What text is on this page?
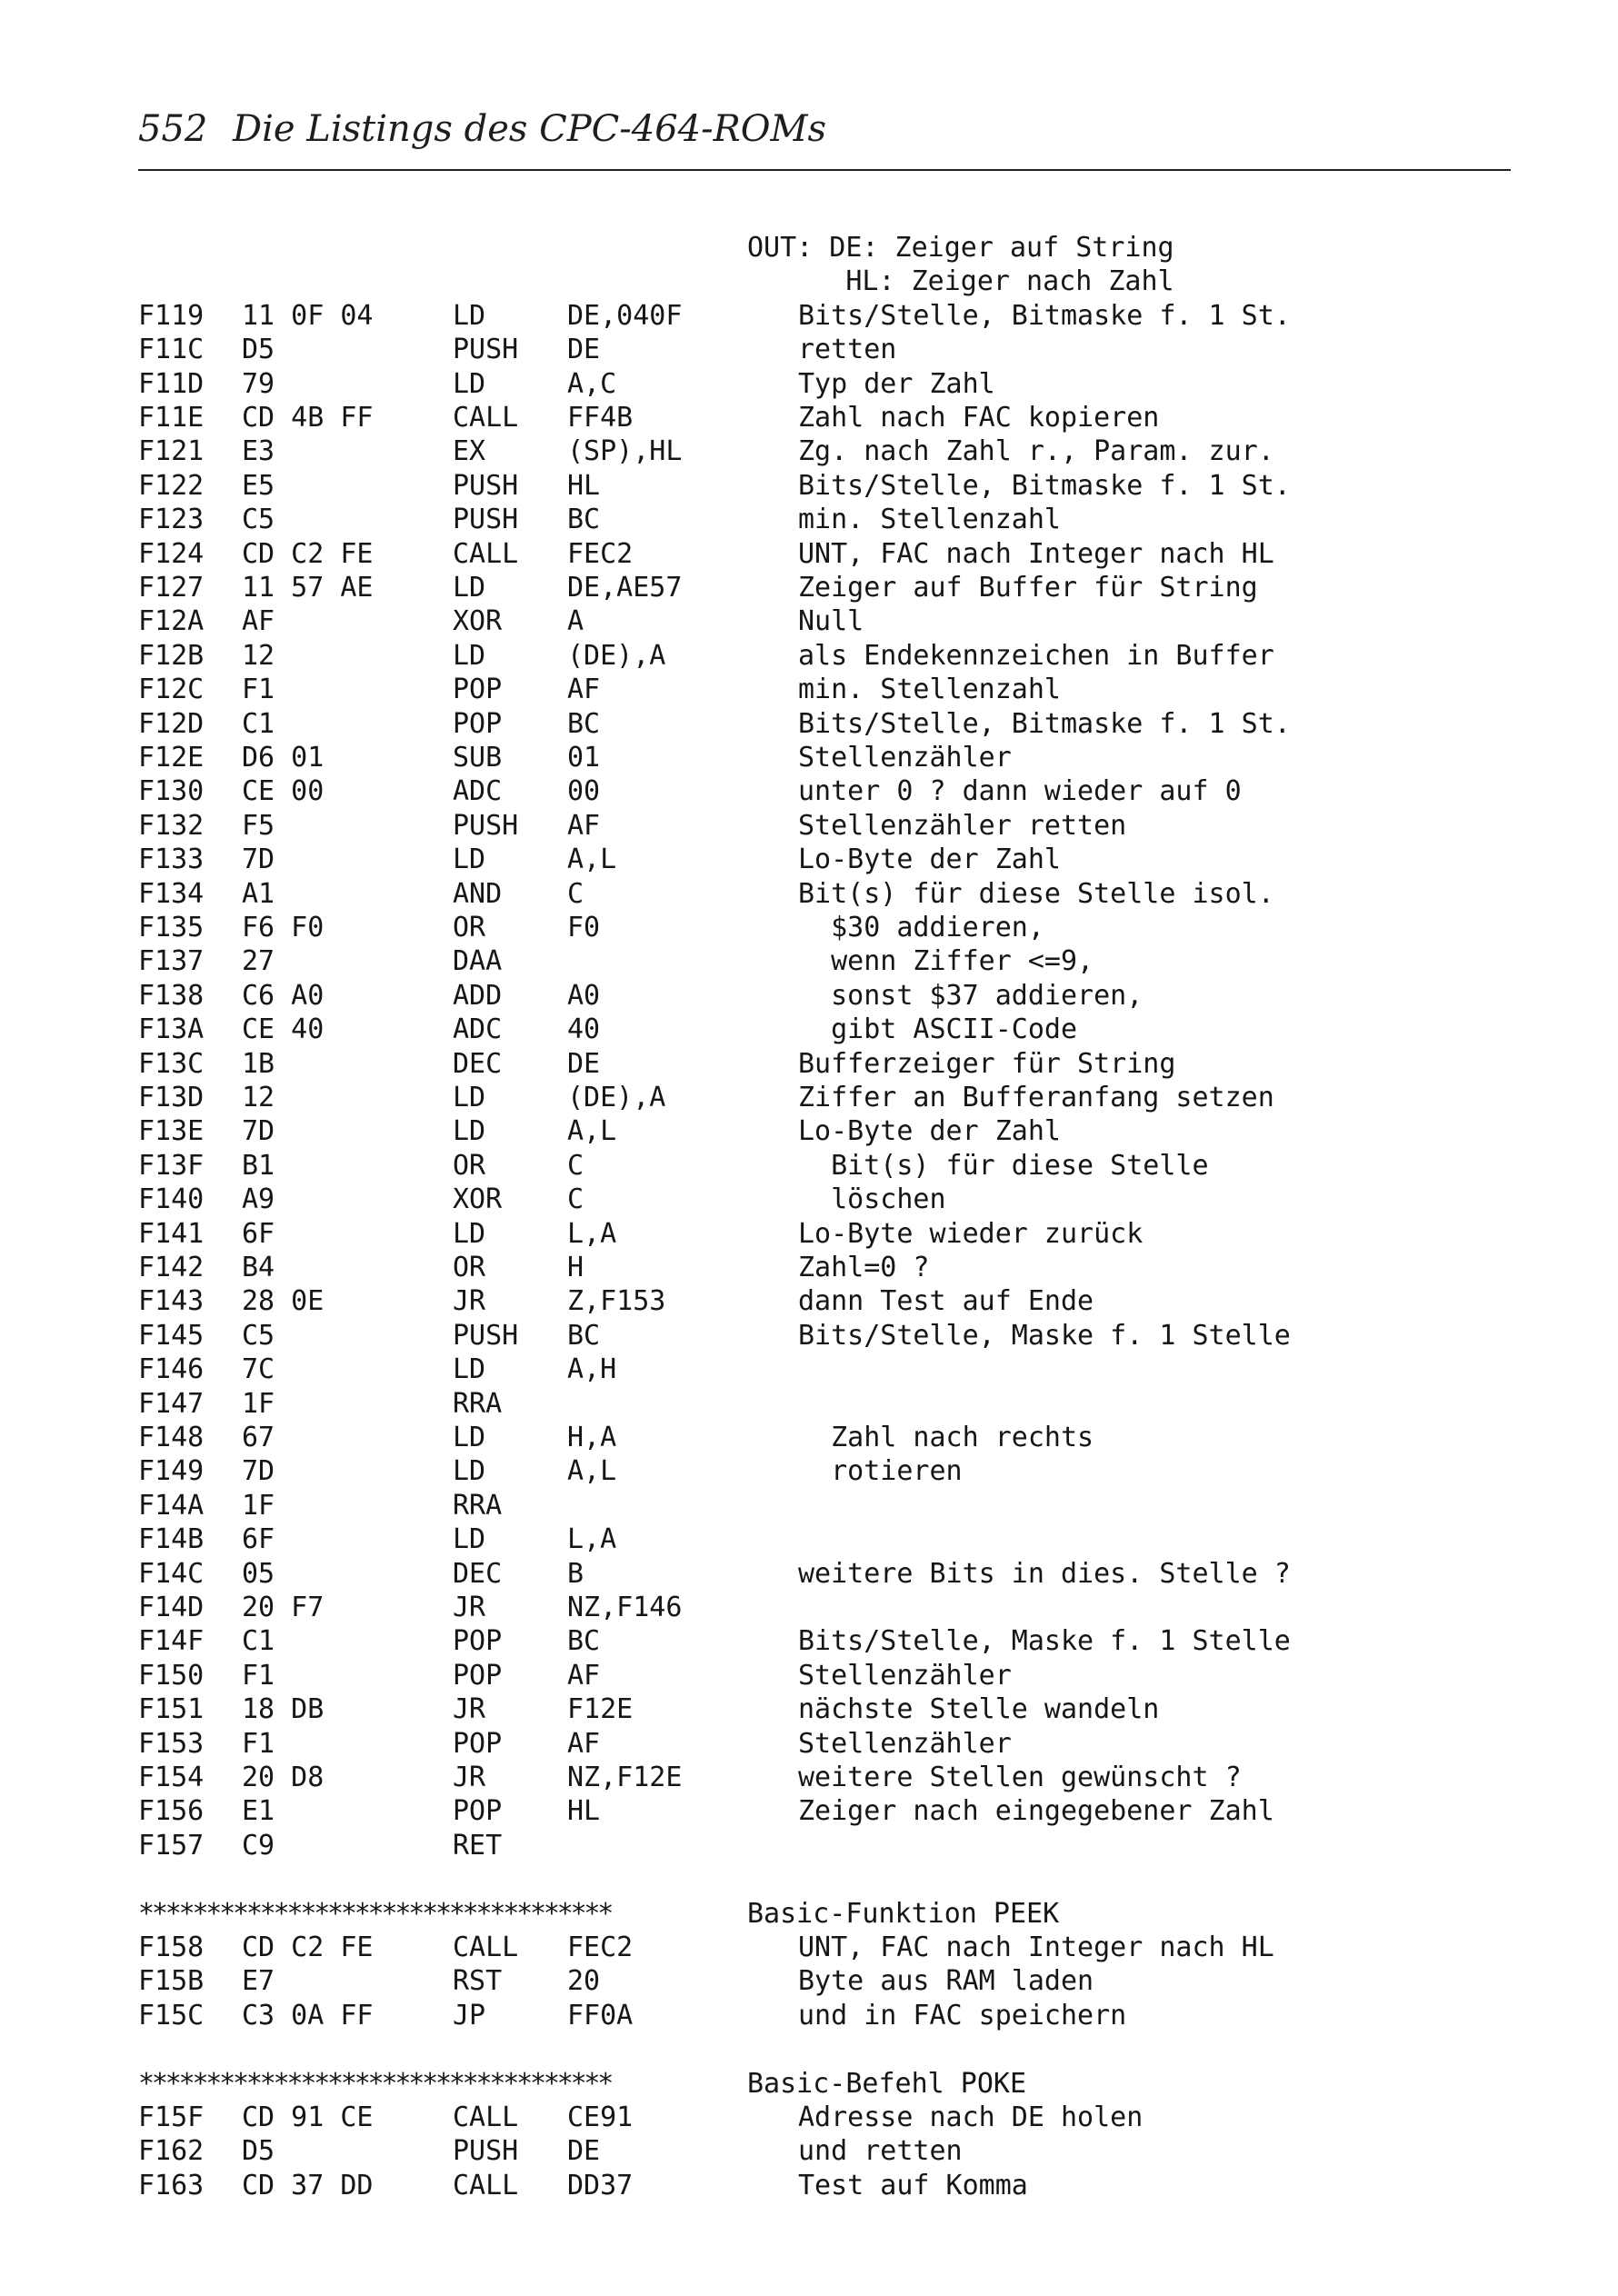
552 Die Listings des CPC-464-ROMs
OUT: DE: Zeiger auf String
HL: Zeiger nach Zahl
F119 11 0F 04	LD	DE,040F	Bits/Stelle, Bitmaske f. 1 St.
F11C D5	PUSH DE	retten
F11D 79	LD	A,C	Typ der Zahl
F11E CD 4B FF	CALL FF4B	Zahl nach FAC kopieren
F121 E3	EX	(SP),HL	Zg. nach Zahl r., Param. zur.
F122 E5	PUSH HL	Bits/Stelle, Bitmaske f. 1 St.
F123 C5	PUSH BC	min. Stellenzahl
F124 CD C2 FE	CALL FEC2	UNT, FAC nach Integer nach HL
F127 11 57 AE	LD	DE,AE57	Zeiger auf Buffer für String
F12A AF	XOR A	Null
F12B 12	LD	(DE),A	als Endekennzeichen in Buffer
F12C F1	POP AF	min. Stellenzahl
F12D C1	POP BC	Bits/Stelle, Bitmaske f. 1 St.
F12E D6 01	SUB 01	Stellenzähler
F130 CE 00	ADC 00	unter 0 ? dann wieder auf 0
F132 F5	PUSH AF	Stellenzähler retten
F133 7D	LD	A,L	Lo-Byte der Zahl
F134 A1	AND C	Bit(s) für diese Stelle isol.
F135 F6 F0	OR	F0	$30 addieren,
F137 27	DAA	wenn Ziffer <=9,
F138 C6 A0	ADD A0	sonst $37 addieren,
F13A CE 40	ADC 40	gibt ASCII-Code
F13C 1B	DEC DE	Bufferzeiger für String
F13D 12	LD	(DE),A	Ziffer an Bufferanfang setzen
F13E 7D	LD	A,L	Lo-Byte der Zahl
F13F B1	OR	C	Bit(s) für diese Stelle
F140 A9	XOR C	löschen
F141 6F	LD	L,A	Lo-Byte wieder zurück
F142 B4	OR	H	Zahl=0 ?
F143 28 0E	JR	Z,F153	dann Test auf Ende
F145 C5	PUSH BC	Bits/Stelle, Maske f. 1 Stelle
F146 7C	LD	A,H
F147 1F	RRA
F148 67	LD	H,A	Zahl nach rechts
F149 7D	LD	A,L	rotieren
F14A 1F	RRA
F14B 6F	LD	L,A
F14C 05	DEC B	weitere Bits in dies. Stelle ?
F14D 20 F7	JR	NZ,F146
F14F C1	POP BC	Bits/Stelle, Maske f. 1 Stelle
F150 F1	POP AF	Stellenzähler
F151 18 DB	JR	F12E	nächste Stelle wandeln
F153 F1	POP AF	Stellenzähler
F154 20 D8	JR	NZ,F12E	weitere Stellen gewünscht ?
F156 E1	POP HL	Zeiger nach eingegebener Zahl
F157 C9	RET
***********************************	Basic-Funktion PEEK
F158 CD C2 FE	CALL FEC2	UNT, FAC nach Integer nach HL
F15B E7	RST 20	Byte aus RAM laden
F15C C3 0A FF	JP	FF0A	und in FAC speichern
***********************************	Basic-Befehl POKE
F15F CD 91 CE	CALL CE91	Adresse nach DE holen
F162 D5	PUSH DE	und retten
F163 CD 37 DD	CALL DD37	Test auf Komma
